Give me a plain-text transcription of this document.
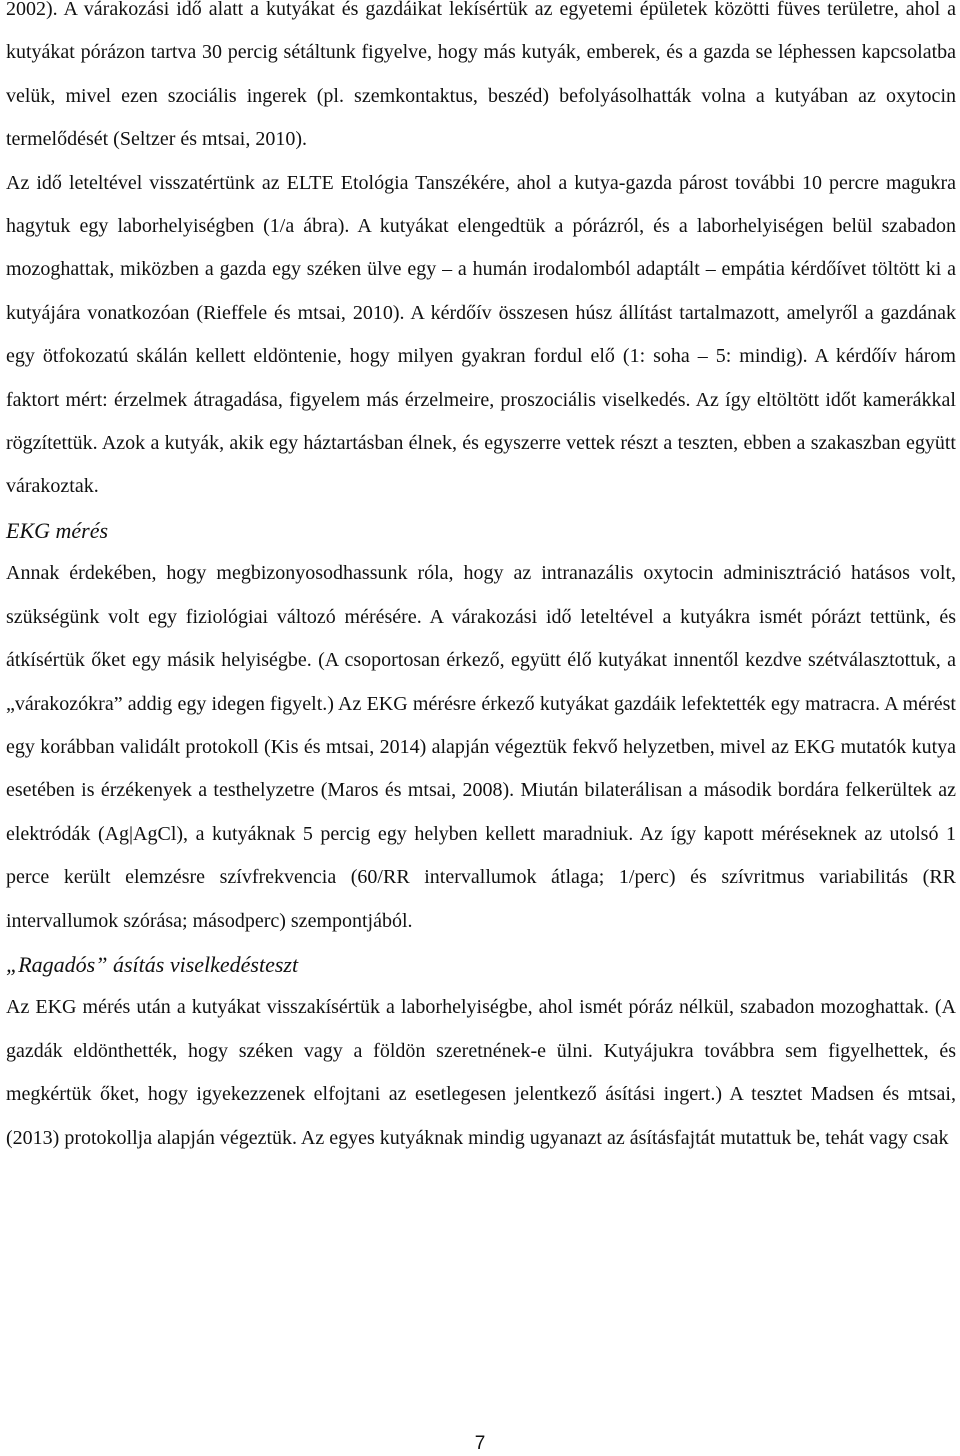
2002). A várakozási idő alatt a kutyákat és gazdáikat lekísértük az egyetemi épületek közötti füves területre, ahol a kutyákat pórázon tartva 30 percig sétáltunk figyelve, hogy más kutyák, emberek, és a gazda se léphessen kapcsolatba velük, mivel ezen szociális ingerek (pl. szemkontaktus, beszéd) befolyásolhatták volna a kutyában az oxytocin termelődését (Seltzer és mtsai, 2010).

Az idő leteltével visszatértünk az ELTE Etológia Tanszékére, ahol a kutya-gazda párost további 10 percre magukra hagytuk egy laborhelyiségben (1/a ábra). A kutyákat elengedtük a pórázról, és a laborhelyiségen belül szabadon mozoghattak, miközben a gazda egy széken ülve egy – a humán irodalomból adaptált – empátia kérdőívet töltött ki a kutyájára vonatkozóan (Rieffele és mtsai, 2010). A kérdőív összesen húsz állítást tartalmazott, amelyről a gazdának egy ötfokozatú skálán kellett eldöntenie, hogy milyen gyakran fordul elő (1: soha – 5: mindig). A kérdőív három faktort mért: érzelmek átragadása, figyelem más érzelmeire, proszociális viselkedés. Az így eltöltött időt kamerákkal rögzítettük. Azok a kutyák, akik egy háztartásban élnek, és egyszerre vettek részt a teszten, ebben a szakaszban együtt várakoztak.

EKG mérés

Annak érdekében, hogy megbizonyosodhassunk róla, hogy az intranazális oxytocin adminisztráció hatásos volt, szükségünk volt egy fiziológiai változó mérésére. A várakozási idő leteltével a kutyákra ismét pórázt tettünk, és átkísértük őket egy másik helyiségbe. (A csoportosan érkező, együtt élő kutyákat innentől kezdve szétválasztottuk, a „várakozókra” addig egy idegen figyelt.) Az EKG mérésre érkező kutyákat gazdáik lefektették egy matracra. A mérést egy korábban validált protokoll (Kis és mtsai, 2014) alapján végeztük fekvő helyzetben, mivel az EKG mutatók kutya esetében is érzékenyek a testhelyzetre (Maros és mtsai, 2008). Miután bilaterálisan a második bordára felkerültek az elektródák (Ag|AgCl), a kutyáknak 5 percig egy helyben kellett maradniuk. Az így kapott méréseknek az utolsó 1 perce került elemzésre szívfrekvencia (60/RR intervallumok átlaga; 1/perc) és szívritmus variabilitás (RR intervallumok szórása; másodperc) szempontjából.

„Ragadós” ásítás viselkedésteszt

Az EKG mérés után a kutyákat visszakísértük a laborhelyiségbe, ahol ismét póráz nélkül, szabadon mozoghattak. (A gazdák eldönthették, hogy széken vagy a földön szeretnének-e ülni. Kutyájukra továbbra sem figyelhettek, és megkértük őket, hogy igyekezzenek elfojtani az esetlegesen jelentkező ásítási ingert.) A tesztet Madsen és mtsai, (2013) protokollja alapján végeztük. Az egyes kutyáknak mindig ugyanazt az ásításfajtát mutattuk be, tehát vagy csak

7
